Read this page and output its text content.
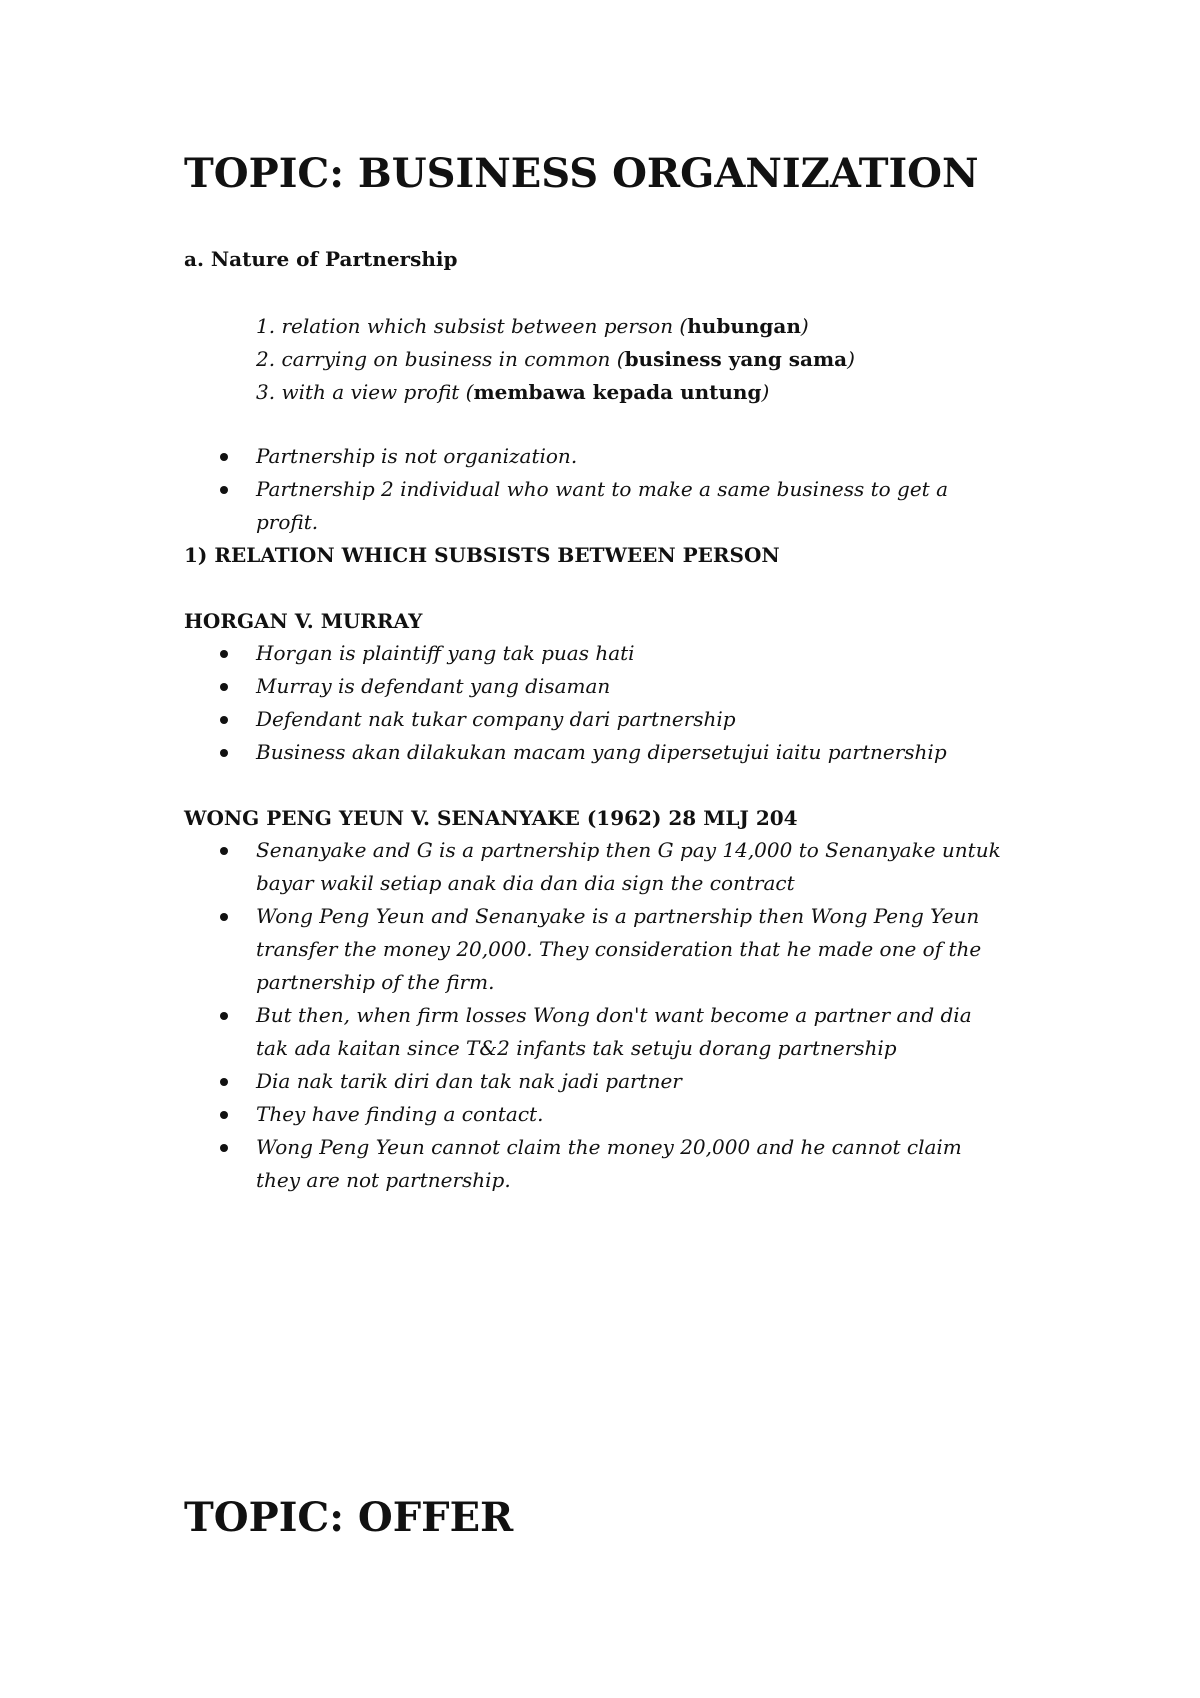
TOPIC: BUSINESS ORGANIZATION
a. Nature of Partnership
1. relation which subsist between person (hubungan)
2. carrying on business in common (business yang sama)
3. with a view profit (membawa kepada untung)
Partnership is not organization.
Partnership 2 individual who want to make a same business to get a profit.
1) RELATION WHICH SUBSISTS BETWEEN PERSON
HORGAN V. MURRAY
Horgan is plaintiff yang tak puas hati
Murray is defendant yang disaman
Defendant nak tukar company dari partnership
Business akan dilakukan macam yang dipersetujui iaitu partnership
WONG PENG YEUN V. SENANYAKE (1962) 28 MLJ 204
Senanyake and G is a partnership then G pay 14,000 to Senanyake untuk bayar wakil setiap anak dia dan dia sign the contract
Wong Peng Yeun and Senanyake is a partnership then Wong Peng Yeun transfer the money 20,000. They consideration that he made one of the partnership of the firm.
But then, when firm losses Wong don't want become a partner and dia tak ada kaitan since T&2 infants tak setuju dorang partnership
Dia nak tarik diri dan tak nak jadi partner
They have finding a contact.
Wong Peng Yeun cannot claim the money 20,000 and he cannot claim they are not partnership.
TOPIC: OFFER
